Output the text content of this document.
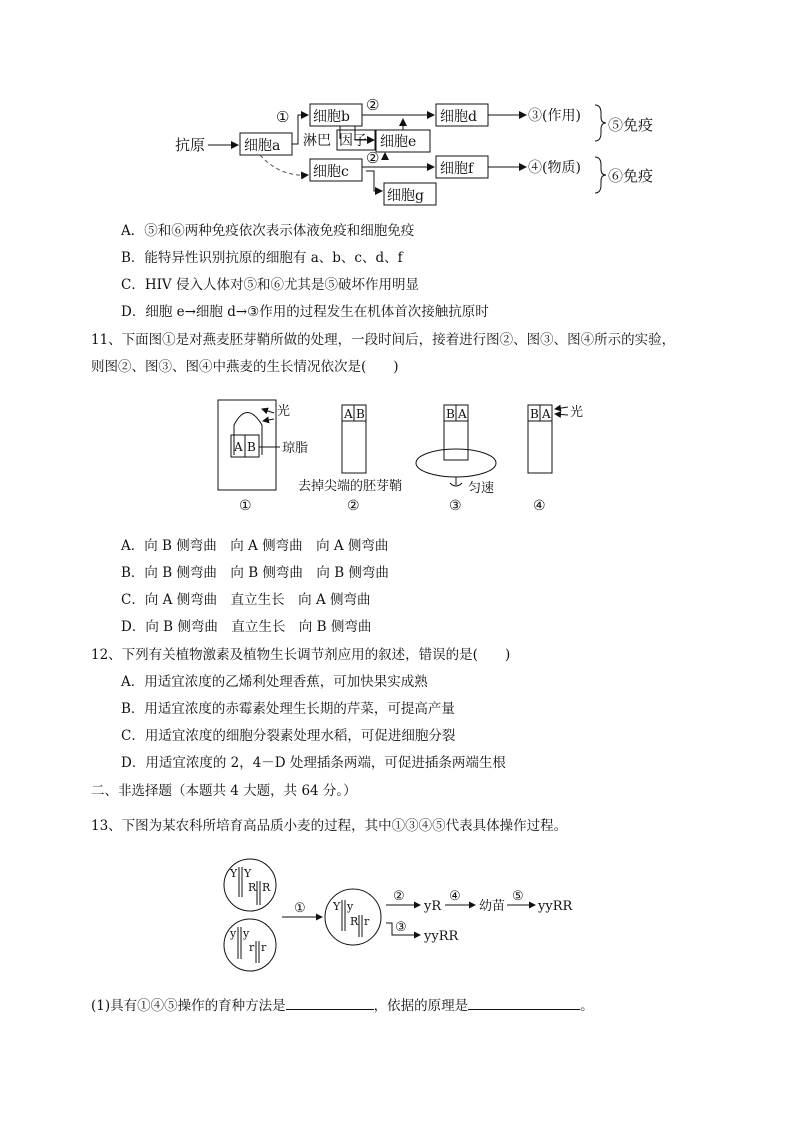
抗原	细胞a
① 细胞b
淋巴 因子
②
细胞e
细胞d	③(作用) ⑤免疫
细胞c
②
细胞f
细胞g
④(物质) ⑥免疫
A．⑤和⑥两种免疫依次表示体液免疫和细胞免疫
B．能特异性识别抗原的细胞有 a、b、c、d、f
C．HIV 侵入人体对⑤和⑥尤其是⑤破坏作用明显
D．细胞 e→细胞 d→③作用的过程发生在机体首次接触抗原时
11、下面图①是对燕麦胚芽鞘所做的处理，一段时间后，接着进行图②、图③、图④所示的实验，
则图②、图③、图④中燕麦的生长情况依次是(　　)
A B 琼脂
光
①
A B
去掉尖端的胚芽鞘
②
B A
匀速
③
B A 光
④
A．向 B 侧弯曲　向 A 侧弯曲　向 A 侧弯曲
B．向 B 侧弯曲　向 B 侧弯曲　向 B 侧弯曲
C．向 A 侧弯曲　直立生长　向 A 侧弯曲
D．向 B 侧弯曲　直立生长　向 B 侧弯曲
12、下列有关植物激素及植物生长调节剂应用的叙述，错误的是(　　)
A．用适宜浓度的乙烯利处理香蕉，可加快果实成熟
B．用适宜浓度的赤霉素处理生长期的芹菜，可提高产量
C．用适宜浓度的细胞分裂素处理水稻，可促进细胞分裂
D．用适宜浓度的 2，4－D 处理插条两端，可促进插条两端生根
二、非选择题（本题共 4 大题，共 64 分。）
13、下图为某农科所培育高品质小麦的过程，其中①③④⑤代表具体操作过程。
Y Y
R R
y y
r r
① Y y
R r
②
yR
④
幼苗
⑤
yyRR
③
yyRR
(1)具有①④⑤操作的育种方法是	，依据的原理是	。
